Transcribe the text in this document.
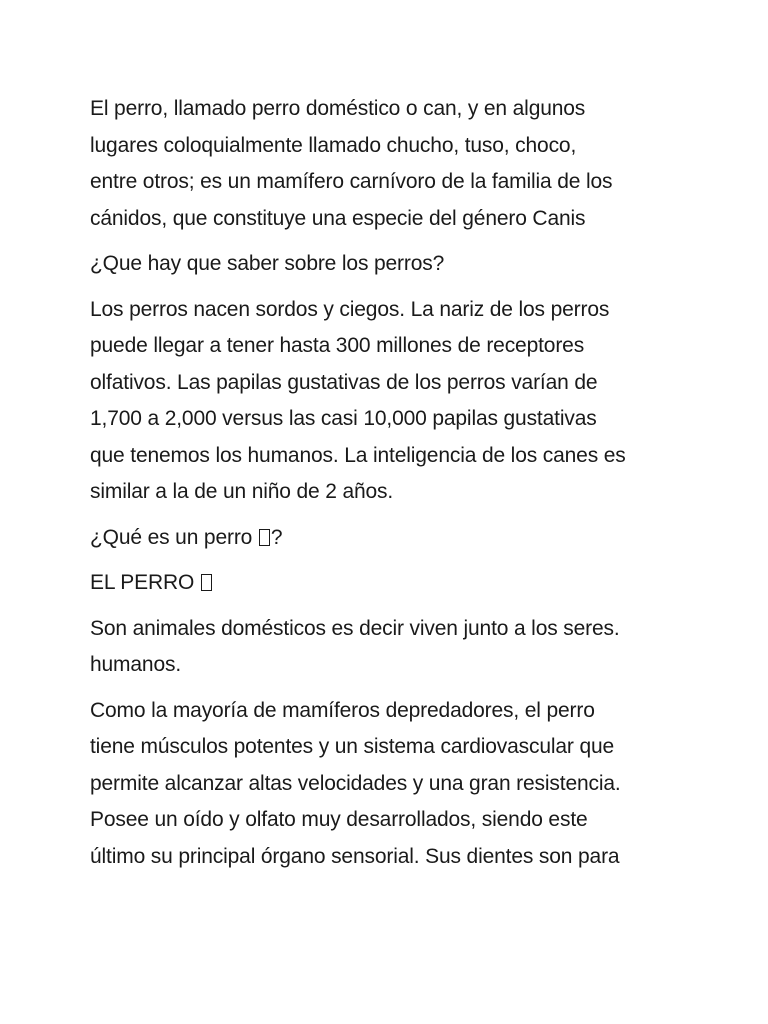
El perro, llamado perro doméstico o can, y en algunos
lugares coloquialmente llamado chucho, tuso, choco,
entre otros; es un mamífero carnívoro de la familia de los
cánidos, que constituye una especie del género Canis

¿Que hay que saber sobre los perros?

Los perros nacen sordos y ciegos. La nariz de los perros
puede llegar a tener hasta 300 millones de receptores
olfativos. Las papilas gustativas de los perros varían de
1,700 a 2,000 versus las casi 10,000 papilas gustativas
que tenemos los humanos. La inteligencia de los canes es
similar a la de un niño de 2 años.

¿Qué es un perro ?

EL PERRO

Son animales domésticos es decir viven junto a los seres.
humanos.

Como la mayoría de mamíferos depredadores, el perro
tiene músculos potentes y un sistema cardiovascular que
permite alcanzar altas velocidades y una gran resistencia.
Posee un oído y olfato muy desarrollados, siendo este
último su principal órgano sensorial. Sus dientes son para
